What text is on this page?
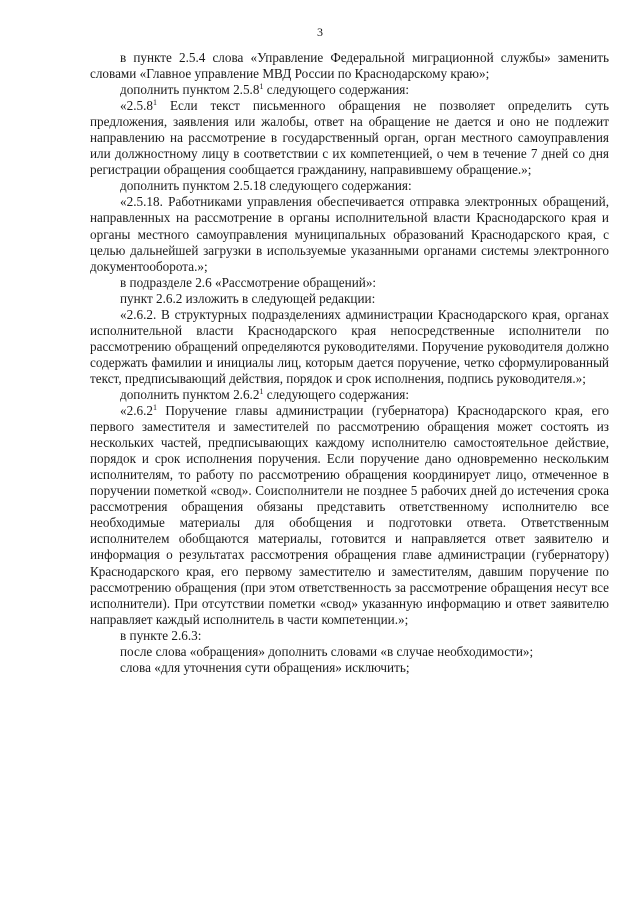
3

в пункте 2.5.4 слова «Управление Федеральной миграционной службы» заменить словами «Главное управление МВД России по Краснодарскому краю»;

дополнить пунктом 2.5.8$^1$ следующего содержания:

«2.5.8$^1$ Если текст письменного обращения не позволяет определить суть предложения, заявления или жалобы, ответ на обращение не дается и оно не подлежит направлению на рассмотрение в государственный орган, орган местного самоуправления или должностному лицу в соответствии с их компетенцией, о чем в течение 7 дней со дня регистрации обращения сообщается гражданину, направившему обращение.»;

дополнить пунктом 2.5.18 следующего содержания:

«2.5.18. Работниками управления обеспечивается отправка электронных обращений, направленных на рассмотрение в органы исполнительной власти Краснодарского края и органы местного самоуправления муниципальных образований Краснодарского края, с целью дальнейшей загрузки в используемые указанными органами системы электронного документооборота.»;

в подразделе 2.6 «Рассмотрение обращений»:

пункт 2.6.2 изложить в следующей редакции:

«2.6.2. В структурных подразделениях администрации Краснодарского края, органах исполнительной власти Краснодарского края непосредственные исполнители по рассмотрению обращений определяются руководителями. Поручение руководителя должно содержать фамилии и инициалы лиц, которым дается поручение, четко сформулированный текст, предписывающий действия, порядок и срок исполнения, подпись руководителя.»;

дополнить пунктом 2.6.2$^1$ следующего содержания:

«2.6.2$^1$ Поручение главы администрации (губернатора) Краснодарского края, его первого заместителя и заместителей по рассмотрению обращения может состоять из нескольких частей, предписывающих каждому исполнителю самостоятельное действие, порядок и срок исполнения поручения. Если поручение дано одновременно нескольким исполнителям, то работу по рассмотрению обращения координирует лицо, отмеченное в поручении пометкой «свод». Соисполнители не позднее 5 рабочих дней до истечения срока рассмотрения обращения обязаны представить ответственному исполнителю все необходимые материалы для обобщения и подготовки ответа. Ответственным исполнителем обобщаются материалы, готовится и направляется ответ заявителю и информация о результатах рассмотрения обращения главе администрации (губернатору) Краснодарского края, его первому заместителю и заместителям, давшим поручение по рассмотрению обращения (при этом ответственность за рассмотрение обращения несут все исполнители). При отсутствии пометки «свод» указанную информацию и ответ заявителю направляет каждый исполнитель в части компетенции.»;

в пункте 2.6.3:

после слова «обращения» дополнить словами «в случае необходимости»;

слова «для уточнения сути обращения» исключить;
